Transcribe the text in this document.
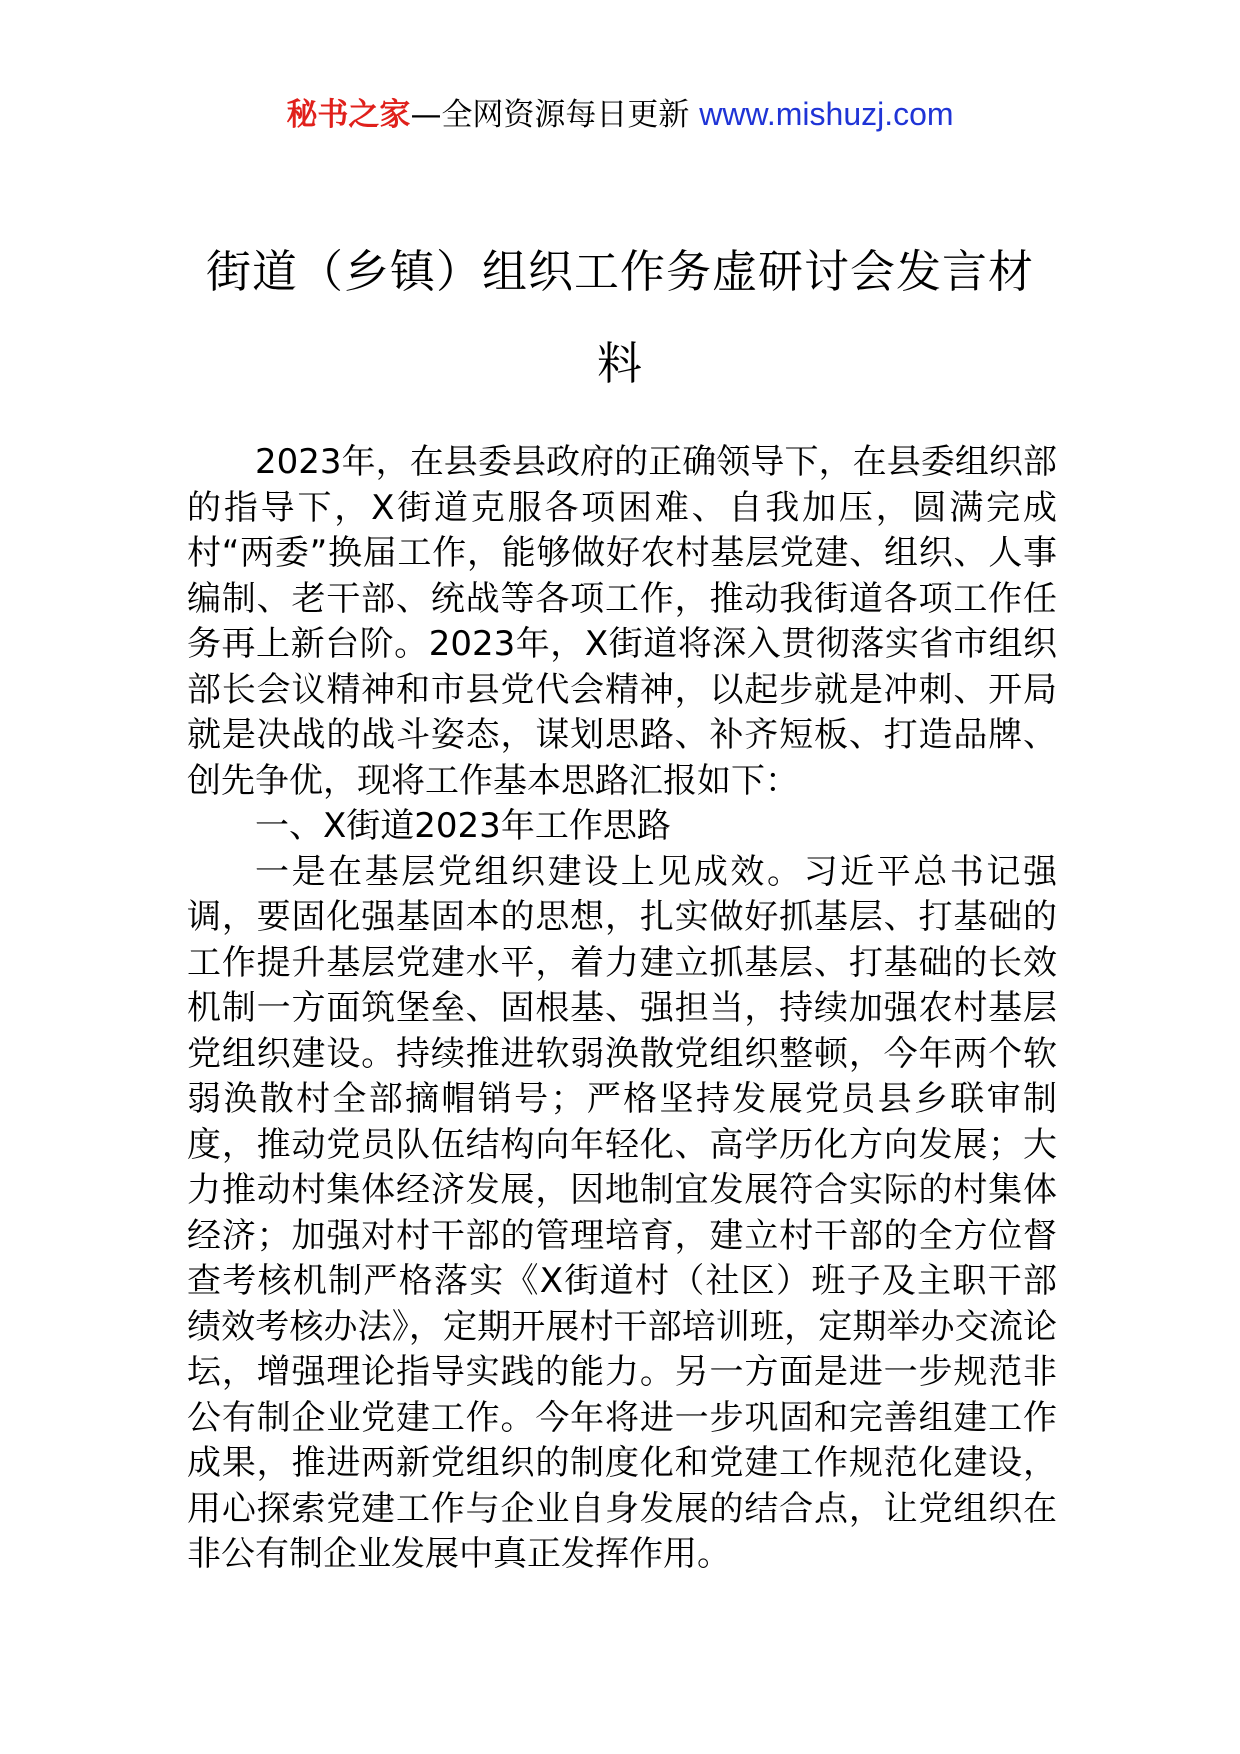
秘书之家—全网资源每日更新 www.mishuzj.com
街道（乡镇）组织工作务虚研讨会发言材料

2023年，在县委县政府的正确领导下，在县委组织部的指导下，X街道克服各项困难、自我加压，圆满完成村“两委”换届工作，能够做好农村基层党建、组织、人事编制、老干部、统战等各项工作，推动我街道各项工作任务再上新台阶。2023年，X街道将深入贯彻落实省市组织部长会议精神和市县党代会精神，以起步就是冲刺、开局就是决战的战斗姿态，谋划思路、补齐短板、打造品牌、创先争优，现将工作基本思路汇报如下：

一、X街道2023年工作思路

一是在基层党组织建设上见成效。习近平总书记强调，要固化强基固本的思想，扎实做好抓基层、打基础的工作提升基层党建水平，着力建立抓基层、打基础的长效机制一方面筑堡垒、固根基、强担当，持续加强农村基层党组织建设。持续推进软弱涣散党组织整顿，今年两个软弱涣散村全部摘帽销号；严格坚持发展党员县乡联审制度，推动党员队伍结构向年轻化、高学历化方向发展；大力推动村集体经济发展，因地制宜发展符合实际的村集体经济；加强对村干部的管理培育，建立村干部的全方位督查考核机制严格落实《X街道村（社区）班子及主职干部绩效考核办法》，定期开展村干部培训班，定期举办交流论坛，增强理论指导实践的能力。另一方面是进一步规范非公有制企业党建工作。今年将进一步巩固和完善组建工作成果，推进两新党组织的制度化和党建工作规范化建设，用心探索党建工作与企业自身发展的结合点，让党组织在非公有制企业发展中真正发挥作用。
